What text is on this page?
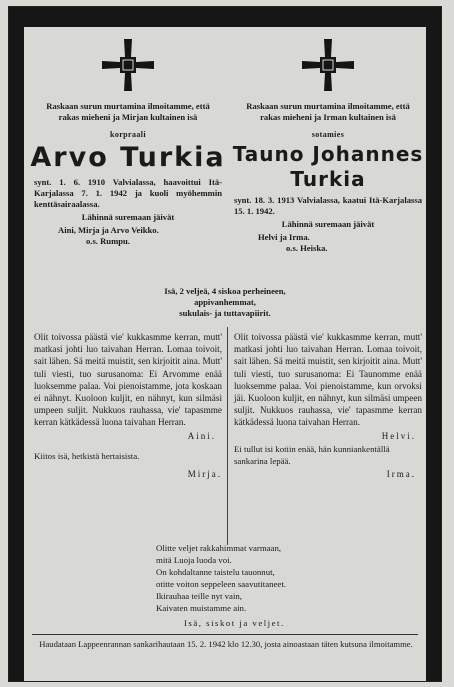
Raskaan surun murtamina ilmoitamme, että rakas mieheni ja Mirjan kultainen isä
korpraali
Arvo Turkia
synt. 1. 6. 1910 Valvialassa, haavoittui Itä-Karjalassa 7. 1. 1942 ja kuoli myöhemmin kenttäsairaalassa.
Lähinnä suremaan jäivät
Aini, Mirja ja Arvo Veikko.
o.s. Rumpu.
Raskaan surun murtamina ilmoitamme, että rakas mieheni ja Irman kultainen isä
sotamies
Tauno Johannes
Turkia
synt. 18. 3. 1913 Valvialassa, kaatui Itä-Karjalassa 15. 1. 1942.
Lähinnä suremaan jäivät
Helvi ja Irma.
o.s. Heiska.
Isä, 2 veljeä, 4 siskoa perheineen,
appivanhemmat,
sukulais- ja tuttavapiirit.
Olit toivossa päästä vie' kukkasmme kerran, mutt' matkasi johti luo taivahan Herran. Lomaa toivoit, sait lähen. Sä meitä muistit, sen kirjoitit aina. Mutt' tuli viesti, tuo surusanoma: Ei Arvomme enää luoksemme palaa. Voi pienoistamme, jota koskaan ei nähnyt. Kuoloon kuljit, en nähnyt, kun silmäsi umpeen suljit. Nukkuos rauhassa, vie' tapasmme kerran kätkädessä luona taivahan Herran.
Aini.
Kiitos isä, hetkistä hertaisista.
Mirja.
Olit toivossa päästä vie' kukkasmme kerran, mutt' matkasi johti luo taivahan Herran. Lomaa toivoit, sait lähen. Sä meitä muistit, sen kirjoitit aina. Mutt' tuli viesti, tuo surusanoma: Ei Taunomme enää luoksemme palaa. Voi pienoistamme, kun orvoksi jäi. Kuoloon kuljit, en nähnyt, kun silmäsi umpeen suljit. Nukkuos rauhassa, vie' tapasmme kerran kätkädessä luona taivahan Herran.
Helvi.
Ei tullut isi kotiin enää, hän kunniankentällä sankarina lepää.
Irma.
Olitte veljet rakkahimmat varmaan,
mitä Luoja luoda voi.
On kohdaltanne taistelu tauonnut,
otitte voiton seppeleen saavutitaneet.
Ikirauhaa teille nyt vain,
Kaivaten muistamme ain.
Isä, siskot ja veljet.
Haudataan Lappeenrannan sankarihautaan 15. 2. 1942 klo 12.30, josta ainoastaan täten kutsuna ilmoitamme.
